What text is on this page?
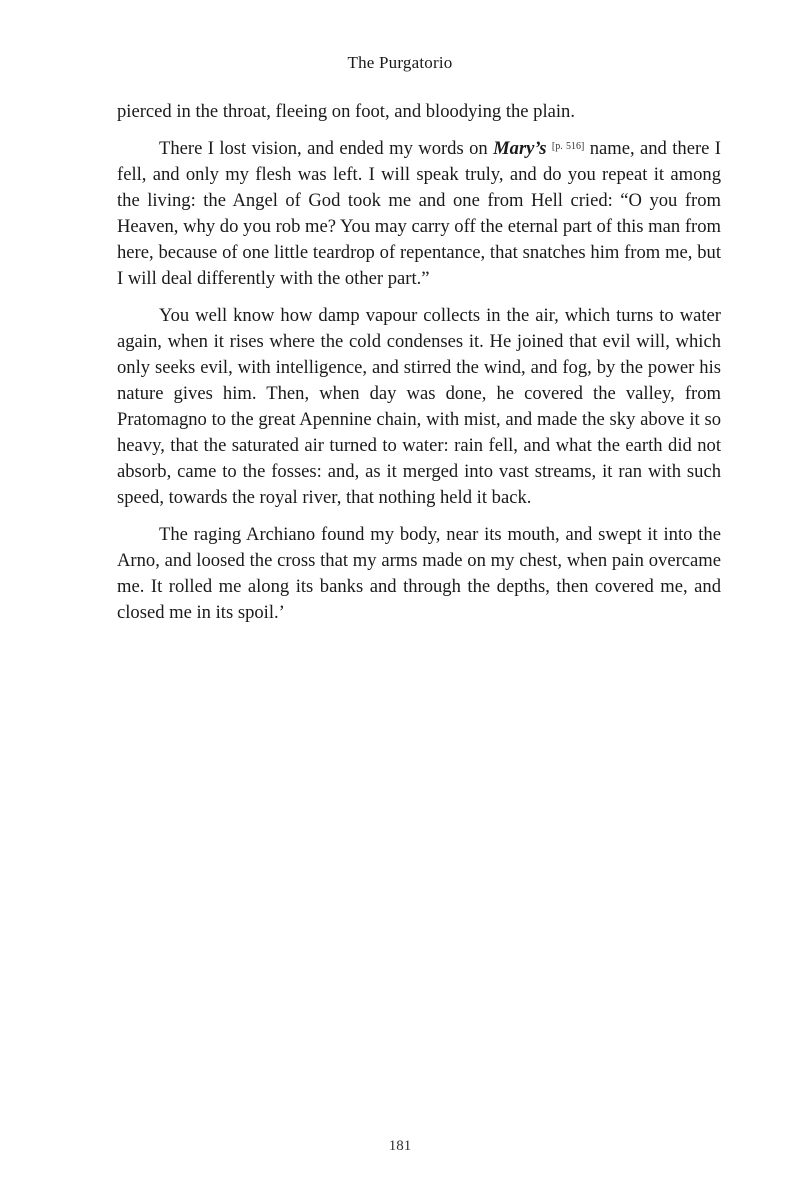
The Purgatorio

pierced in the throat, fleeing on foot, and bloodying the plain.

There I lost vision, and ended my words on Mary’s [p. 516] name, and there I fell, and only my flesh was left. I will speak truly, and do you repeat it among the living: the Angel of God took me and one from Hell cried: “O you from Heaven, why do you rob me? You may carry off the eternal part of this man from here, because of one little teardrop of repentance, that snatches him from me, but I will deal differently with the other part.”

You well know how damp vapour collects in the air, which turns to water again, when it rises where the cold condenses it. He joined that evil will, which only seeks evil, with intelligence, and stirred the wind, and fog, by the power his nature gives him. Then, when day was done, he covered the valley, from Pratomagno to the great Apennine chain, with mist, and made the sky above it so heavy, that the saturated air turned to water: rain fell, and what the earth did not absorb, came to the fosses: and, as it merged into vast streams, it ran with such speed, towards the royal river, that nothing held it back.

The raging Archiano found my body, near its mouth, and swept it into the Arno, and loosed the cross that my arms made on my chest, when pain overcame me. It rolled me along its banks and through the depths, then covered me, and closed me in its spoil.’

181
